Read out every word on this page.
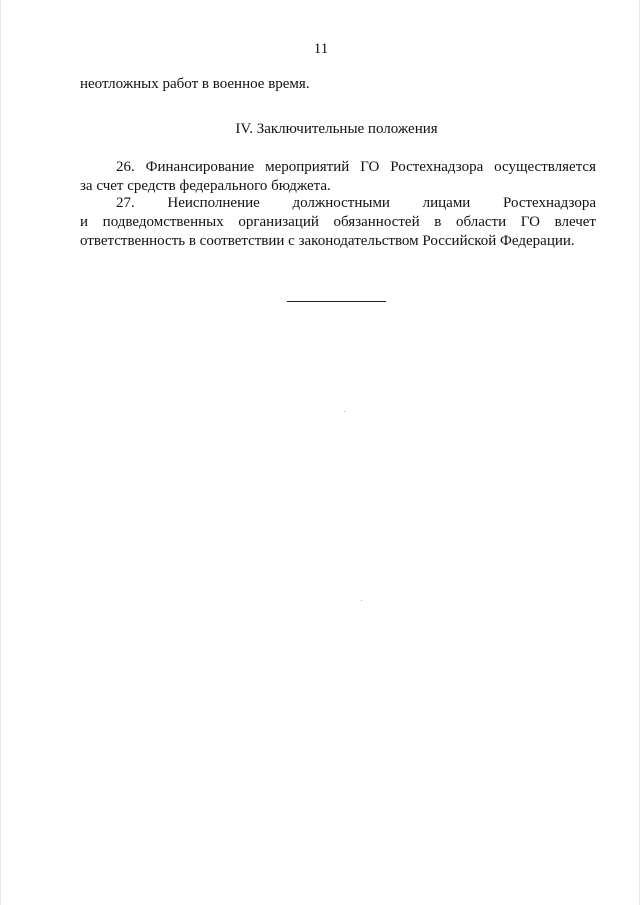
11
неотложных работ в военное время.
IV. Заключительные положения
26. Финансирование мероприятий ГО Ростехнадзора осуществляется
за счет средств федерального бюджета.
27. Неисполнение должностными лицами Ростехнадзора
и подведомственных организаций обязанностей в области ГО влечет
ответственность в соответствии с законодательством Российской Федерации.
